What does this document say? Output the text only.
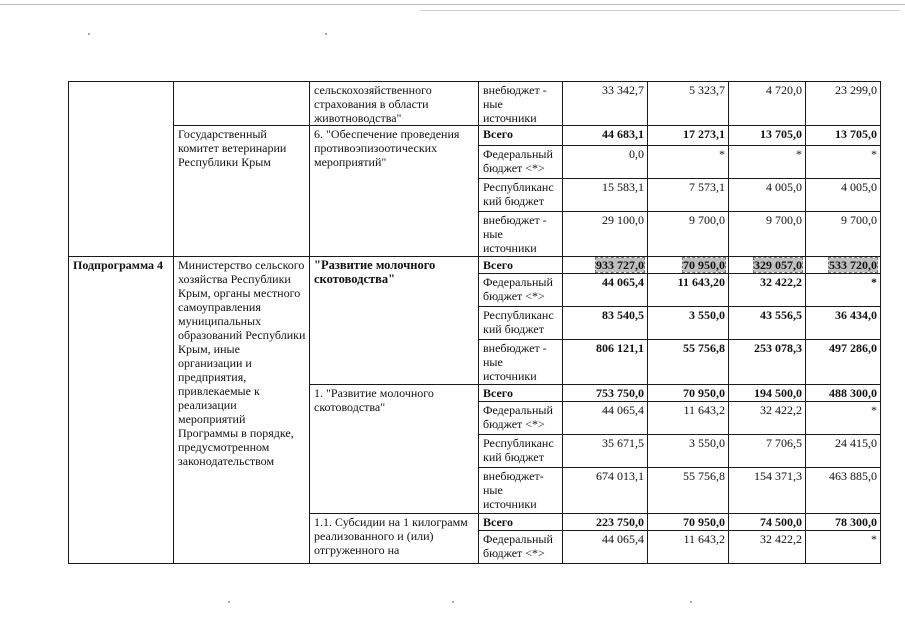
		сельскохозяйственного страхования в области животноводства"	внебюджет -
ные
источники	33 342,7	5 323,7	4 720,0	23 299,0
	Государственный комитет ветеринарии Республики Крым	6. "Обеспечение проведения противоэпизоотических мероприятий"	Всего	44 683,1	17 273,1	13 705,0	13 705,0
			Федеральный
бюджет <*>	0,0	*	*	*
			Республиканс
кий бюджет	15 583,1	7 573,1	4 005,0	4 005,0
			внебюджет -
ные
источники	29 100,0	9 700,0	9 700,0	9 700,0
Подпрограмма 4	Министерство сельского хозяйства Республики Крым, органы местного самоуправления муниципальных образований Республики Крым, иные организации и предприятия, привлекаемые к реализации мероприятий Программы в порядке, предусмотренном законодательством	"Развитие молочного скотоводства"	Всего	933 727,0	70 950,0	329 057,0	533 720,0
			Федеральный
бюджет <*>	44 065,4	11 643,20	32 422,2	*
			Республиканс
кий бюджет	83 540,5	3 550,0	43 556,5	36 434,0
			внебюджет -
ные
источники	806 121,1	55 756,8	253 078,3	497 286,0
		1. "Развитие молочного скотоводства"	Всего	753 750,0	70 950,0	194 500,0	488 300,0
			Федеральный
бюджет <*>	44 065,4	11 643,2	32 422,2	*
			Республиканс
кий бюджет	35 671,5	3 550,0	7 706,5	24 415,0
			внебюджет-
ные
источники	674 013,1	55 756,8	154 371,3	463 885,0
		1.1. Субсидии на 1 килограмм реализованного и (или) отгруженного на	Всего	223 750,0	70 950,0	74 500,0	78 300,0
			Федеральный
бюджет <*>	44 065,4	11 643,2	32 422,2	*
